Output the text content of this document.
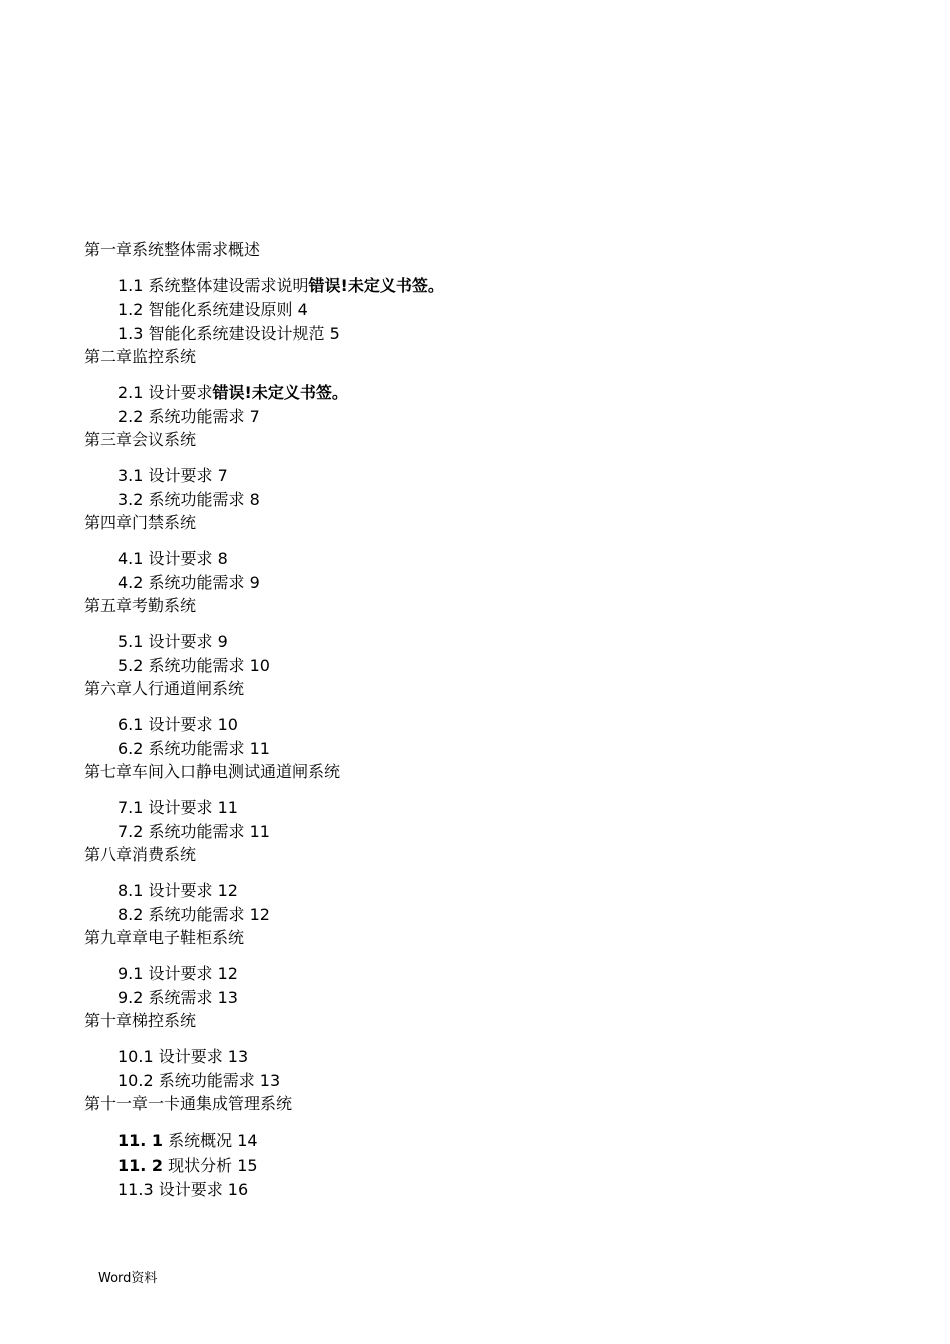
第一章系统整体需求概述
1.1 系统整体建设需求说明错误!未定义书签。
1.2 智能化系统建设原则 4
1.3 智能化系统建设设计规范 5
第二章监控系统
2.1 设计要求错误!未定义书签。
2.2 系统功能需求 7
第三章会议系统
3.1 设计要求 7
3.2 系统功能需求 8
第四章门禁系统
4.1 设计要求 8
4.2 系统功能需求 9
第五章考勤系统
5.1 设计要求 9
5.2 系统功能需求 10
第六章人行通道闸系统
6.1 设计要求 10
6.2 系统功能需求 11
第七章车间入口静电测试通道闸系统
7.1 设计要求 11
7.2 系统功能需求 11
第八章消费系统
8.1 设计要求 12
8.2 系统功能需求 12
第九章章电子鞋柜系统
9.1 设计要求 12
9.2 系统需求 13
第十章梯控系统
10.1 设计要求 13
10.2 系统功能需求 13
第十一章一卡通集成管理系统
11. 1 系统概况 14
11. 2 现状分析 15
11.3 设计要求 16
Word资料
